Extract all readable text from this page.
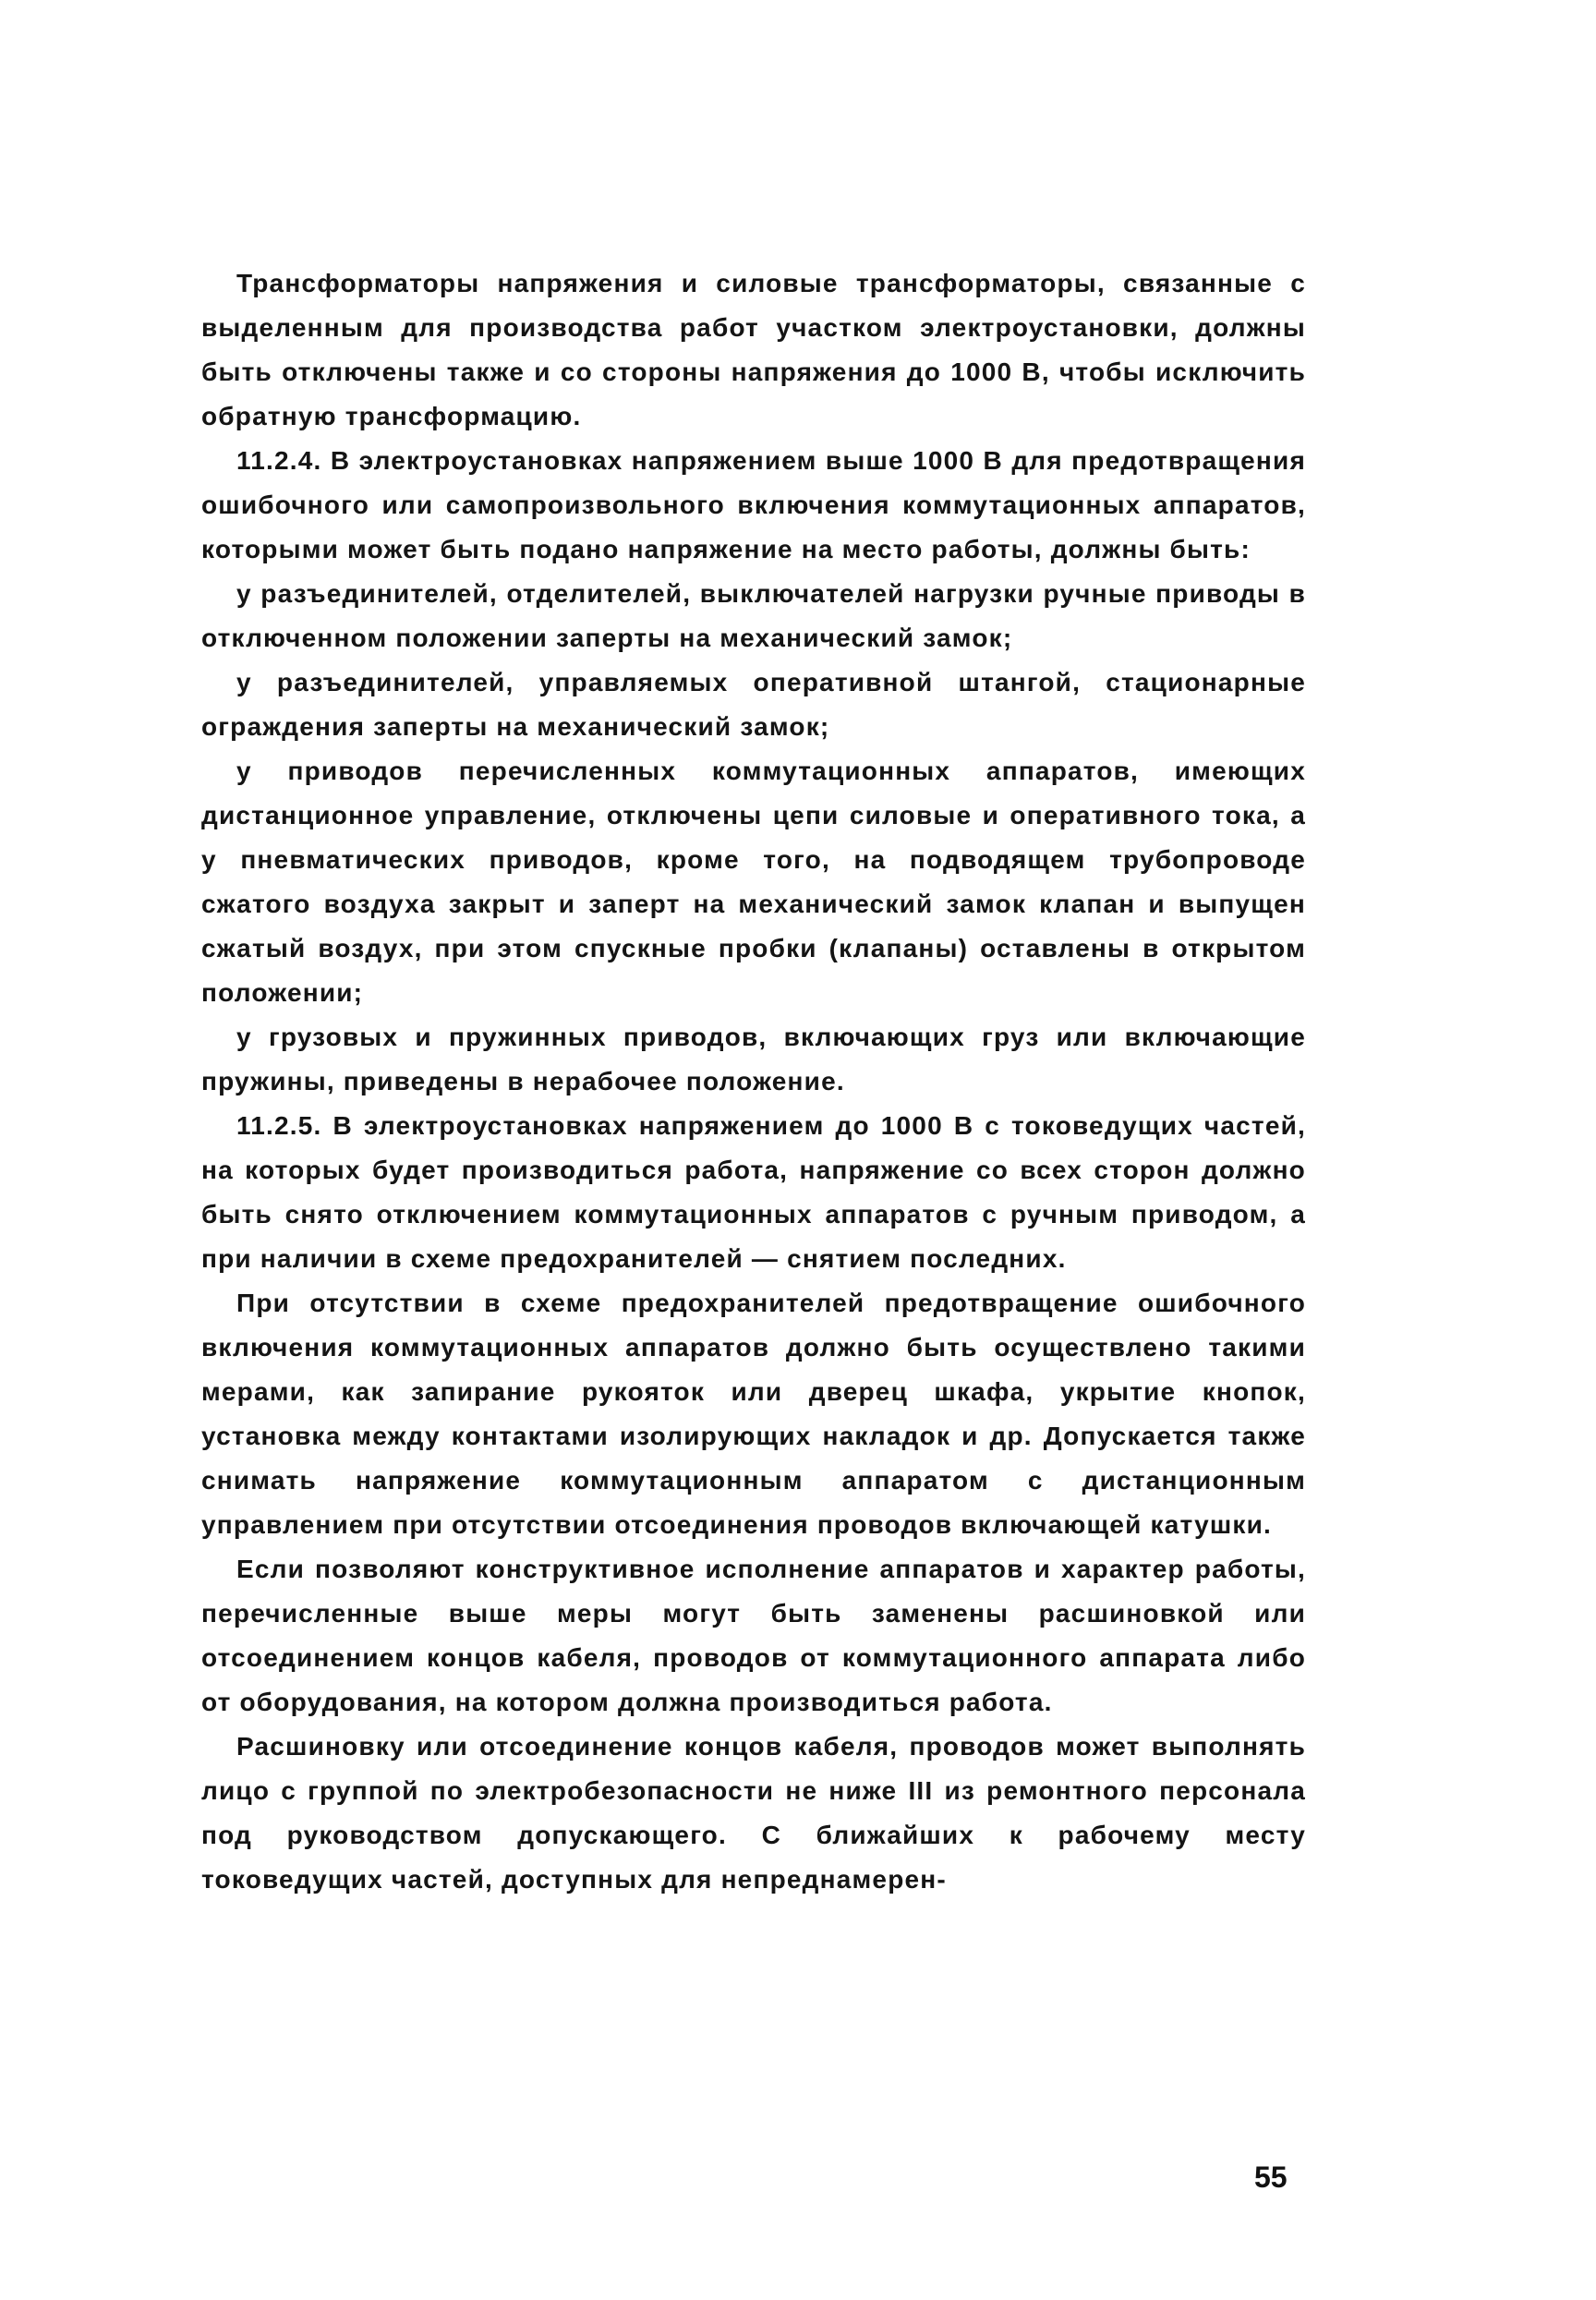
Трансформаторы напряжения и силовые трансформаторы, связанные с выделенным для производства работ участком электроустановки, должны быть отключены также и со стороны напряжения до 1000 В, чтобы исключить обратную трансформацию.

11.2.4. В электроустановках напряжением выше 1000 В для предотвращения ошибочного или самопроизвольного включения коммутационных аппаратов, которыми может быть подано напряжение на место работы, должны быть:

у разъединителей, отделителей, выключателей нагрузки ручные приводы в отключенном положении заперты на механический замок;

у разъединителей, управляемых оперативной штангой, стационарные ограждения заперты на механический замок;

у приводов перечисленных коммутационных аппаратов, имеющих дистанционное управление, отключены цепи силовые и оперативного тока, а у пневматических приводов, кроме того, на подводящем трубопроводе сжатого воздуха закрыт и заперт на механический замок клапан и выпущен сжатый воздух, при этом спускные пробки (клапаны) оставлены в открытом положении;

у грузовых и пружинных приводов, включающих груз или включающие пружины, приведены в нерабочее положение.

11.2.5. В электроустановках напряжением до 1000 В с токоведущих частей, на которых будет производиться работа, напряжение со всех сторон должно быть снято отключением коммутационных аппаратов с ручным приводом, а при наличии в схеме предохранителей — снятием последних.

При отсутствии в схеме предохранителей предотвращение ошибочного включения коммутационных аппаратов должно быть осуществлено такими мерами, как запирание рукояток или дверец шкафа, укрытие кнопок, установка между контактами изолирующих накладок и др. Допускается также снимать напряжение коммутационным аппаратом с дистанционным управлением при отсутствии отсоединения проводов включающей катушки.

Если позволяют конструктивное исполнение аппаратов и характер работы, перечисленные выше меры могут быть заменены расшиновкой или отсоединением концов кабеля, проводов от коммутационного аппарата либо от оборудования, на котором должна производиться работа.

Расшиновку или отсоединение концов кабеля, проводов может выполнять лицо с группой по электробезопасности не ниже III из ремонтного персонала под руководством допускающего. С ближайших к рабочему месту токоведущих частей, доступных для непреднамерен-

55
